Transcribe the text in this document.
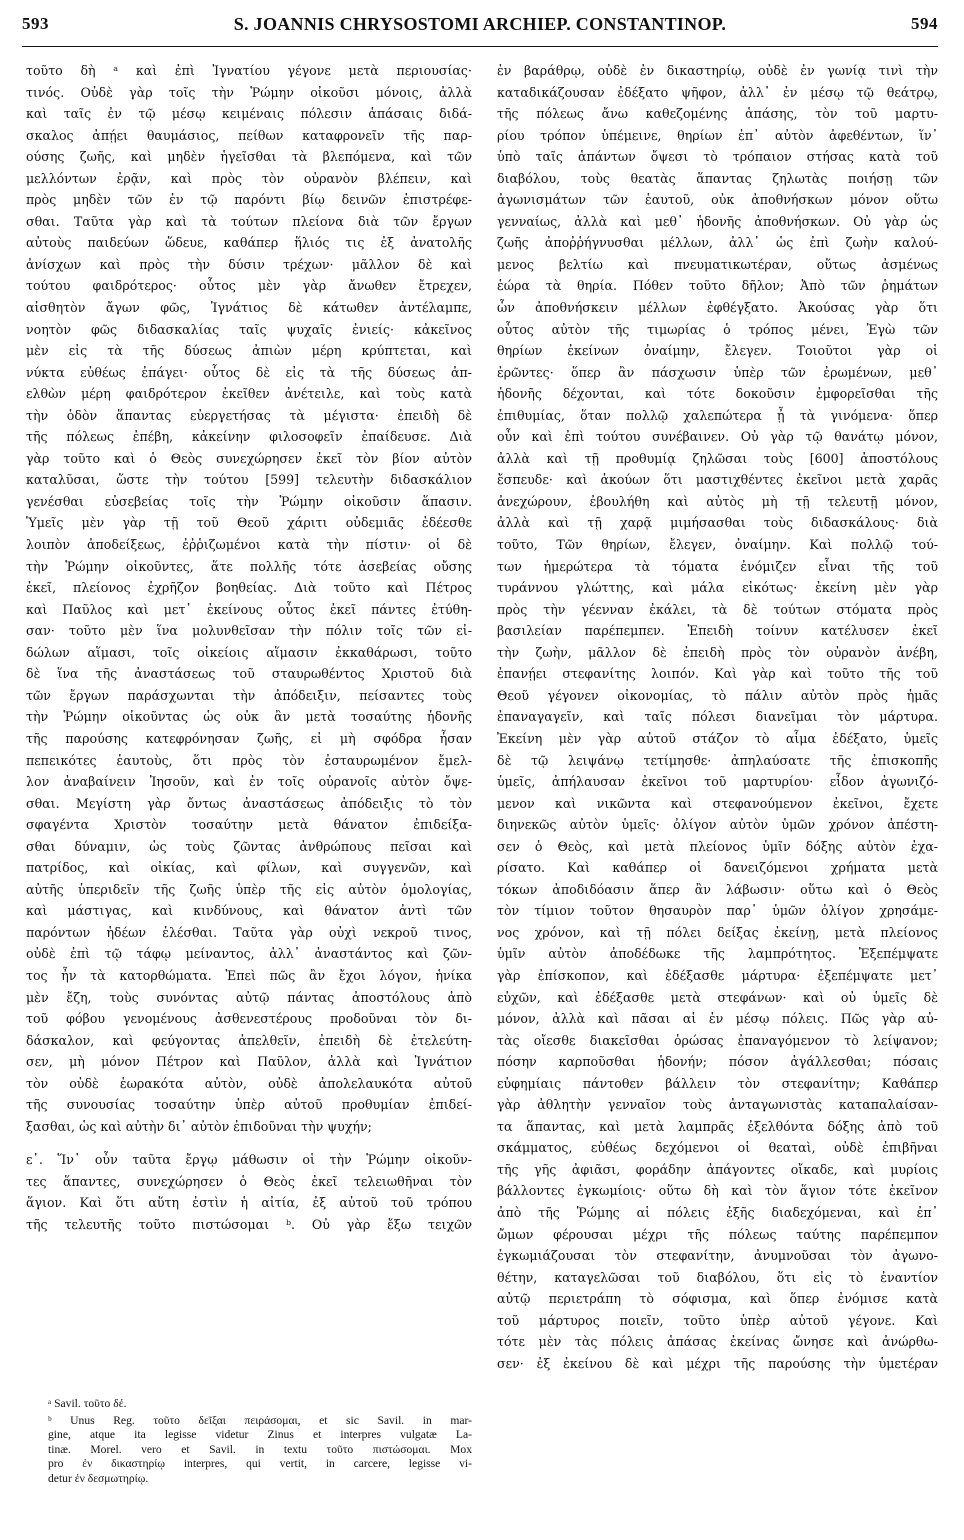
593	S. JOANNIS CHRYSOSTOMI ARCHIEP. CONSTANTINOP.	594
τοῦτο δὴ ᵃ καὶ ἐπὶ Ἰγνατίου γέγονε μετὰ περιουσίας·
τινός. Οὐδὲ γὰρ τοῖς τὴν Ῥώμην οἰκοῦσι μόνοις, ἀλλὰ
καὶ ταῖς ἐν τῷ μέσῳ κειμέναις πόλεσιν ἁπάσαις διδά-
σκαλος ἀπῄει θαυμάσιος, πείθων καταφρονεῖν τῆς παρ-
ούσης ζωῆς, καὶ μηδὲν ἡγεῖσθαι τὰ βλεπόμενα, καὶ τῶν
μελλόντων ἐρᾷν, καὶ πρὸς τὸν οὐρανὸν βλέπειν, καὶ
πρὸς μηδὲν τῶν ἐν τῷ παρόντι βίῳ δεινῶν ἐπιστρέφε-
σθαι. Ταῦτα γὰρ καὶ τὰ τούτων πλείονα διὰ τῶν ἔργων
αὐτοὺς παιδεύων ὥδευε, καθάπερ ἥλιός τις ἐξ ἀνατολῆς
ἀνίσχων καὶ πρὸς τὴν δύσιν τρέχων· μᾶλλον δὲ καὶ
τούτου φαιδρότερος· οὗτος μὲν γὰρ ἄνωθεν ἔτρεχεν,
αἰσθητὸν ἄγων φῶς, Ἰγνάτιος δὲ κάτωθεν ἀντέλαμπε,
νοητὸν φῶς διδασκαλίας ταῖς ψυχαῖς ἐνιείς· κἀκεῖνος
μὲν εἰς τὰ τῆς δύσεως ἀπιὼν μέρη κρύπτεται, καὶ
νύκτα εὐθέως ἐπάγει· οὗτος δὲ εἰς τὰ τῆς δύσεως ἀπ-
ελθὼν μέρη φαιδρότερον ἐκεῖθεν ἀνέτειλε, καὶ τοὺς κατὰ
τὴν ὁδὸν ἅπαντας εὐεργετήσας τὰ μέγιστα· ἐπειδὴ δὲ
τῆς πόλεως ἐπέβη, κἀκείνην φιλοσοφεῖν ἐπαίδευσε. Διὰ
γὰρ τοῦτο καὶ ὁ Θεὸς συνεχώρησεν ἐκεῖ τὸν βίον αὐτὸν
καταλῦσαι, ὥστε τὴν τούτου [599] τελευτὴν διδασκάλιον
γενέσθαι εὐσεβείας τοῖς τὴν Ῥώμην οἰκοῦσιν ἅπασιν.
Ὑμεῖς μὲν γὰρ τῇ τοῦ Θεοῦ χάριτι οὐδεμιᾶς ἐδέεσθε
λοιπὸν ἀποδείξεως, ἐῤῥιζωμένοι κατὰ τὴν πίστιν· οἱ δὲ
τὴν Ῥώμην οἰκοῦντες, ἅτε πολλῆς τότε ἀσεβείας οὔσης
ἐκεῖ, πλείονος ἐχρῆζον βοηθείας. Διὰ τοῦτο καὶ Πέτρος
καὶ Παῦλος καὶ μετ᾽ ἐκείνους οὗτος ἐκεῖ πάντες ἐτύθη-
σαν· τοῦτο μὲν ἵνα μολυνθεῖσαν τὴν πόλιν τοῖς τῶν εἰ-
δώλων αἵμασι, τοῖς οἰκείοις αἵμασιν ἐκκαθάρωσι, τοῦτο
δὲ ἵνα τῆς ἀναστάσεως τοῦ σταυρωθέντος Χριστοῦ διὰ
τῶν ἔργων παράσχωνται τὴν ἀπόδειξιν, πείσαντες τοὺς
τὴν Ῥώμην οἰκοῦντας ὡς οὐκ ἂν μετὰ τοσαύτης ἡδονῆς
τῆς παρούσης κατεφρόνησαν ζωῆς, εἰ μὴ σφόδρα ἦσαν
πεπεικότες ἑαυτοὺς, ὅτι πρὸς τὸν ἐσταυρωμένον ἔμελ-
λον ἀναβαίνειν Ἰησοῦν, καὶ ἐν τοῖς οὐρανοῖς αὐτὸν ὄψε-
σθαι. Μεγίστη γὰρ ὄντως ἀναστάσεως ἀπόδειξις τὸ τὸν
σφαγέντα Χριστὸν τοσαύτην μετὰ θάνατον ἐπιδείξα-
σθαι δύναμιν, ὡς τοὺς ζῶντας ἀνθρώπους πεῖσαι καὶ
πατρίδος, καὶ οἰκίας, καὶ φίλων, καὶ συγγενῶν, καὶ
αὐτῆς ὑπεριδεῖν τῆς ζωῆς ὑπὲρ τῆς εἰς αὐτὸν ὁμολογίας,
καὶ μάστιγας, καὶ κινδύνους, καὶ θάνατον ἀντὶ τῶν
παρόντων ἡδέων ἑλέσθαι. Ταῦτα γὰρ οὐχὶ νεκροῦ τινος,
οὐδὲ ἐπὶ τῷ τάφῳ μείναντος, ἀλλ᾽ ἀναστάντος καὶ ζῶν-
τος ἦν τὰ κατορθώματα. Ἐπεὶ πῶς ἂν ἔχοι λόγον, ἡνίκα
μὲν ἔζη, τοὺς συνόντας αὐτῷ πάντας ἀποστόλους ἀπὸ
τοῦ φόβου γενομένους ἀσθενεστέρους προδοῦναι τὸν δι-
δάσκαλον, καὶ φεύγοντας ἀπελθεῖν, ἐπειδὴ δὲ ἐτελεύτη-
σεν, μὴ μόνον Πέτρον καὶ Παῦλον, ἀλλὰ καὶ Ἰγνάτιον
τὸν οὐδὲ ἑωρακότα αὐτὸν, οὐδὲ ἀπολελαυκότα αὐτοῦ
τῆς συνουσίας τοσαύτην ὑπὲρ αὐτοῦ προθυμίαν ἐπιδεί-
ξασθαι, ὡς καὶ αὐτὴν δι᾽ αὐτὸν ἐπιδοῦναι τὴν ψυχήν;
ε᾽. Ἵν᾽ οὖν ταῦτα ἔργῳ μάθωσιν οἱ τὴν Ῥώμην οἰκοῦν-
τες ἅπαντες, συνεχώρησεν ὁ Θεὸς ἐκεῖ τελειωθῆναι τὸν
ἅγιον. Καὶ ὅτι αὕτη ἐστὶν ἡ αἰτία, ἐξ αὐτοῦ τοῦ τρόπου
τῆς τελευτῆς τοῦτο πιστώσομαι ᵇ. Οὐ γὰρ ἔξω τειχῶν
ᵃ Savil. τοῦτο δέ.
ᵇ Unus Reg. τοῦτο δεῖξαι πειράσομαι, et sic Savil. in mar-
gine, atque ita legisse videtur Zinus et interpres vulgatæ La-
tinæ. Morel. vero et Savil. in textu τοῦτο πιστώσομαι. Mox
pro ἐν δικαστηρίῳ interpres, qui vertit, in carcere, legisse vi-
detur ἐν δεσμωτηρίῳ.
ἐν βαράθρῳ, οὐδὲ ἐν δικαστηρίῳ, οὐδὲ ἐν γωνίᾳ τινὶ τὴν
καταδικάζουσαν ἐδέξατο ψῆφον, ἀλλ᾽ ἐν μέσῳ τῷ θεάτρῳ,
τῆς πόλεως ἄνω καθεζομένης ἁπάσης, τὸν τοῦ μαρτυ-
ρίου τρόπον ὑπέμεινε, θηρίων ἐπ᾽ αὐτὸν ἀφεθέντων, ἵν᾽
ὑπὸ ταῖς ἁπάντων ὄψεσι τὸ τρόπαιον στήσας κατὰ τοῦ
διαβόλου, τοὺς θεατὰς ἅπαντας ζηλωτὰς ποιήσῃ τῶν
ἀγωνισμάτων τῶν ἑαυτοῦ, οὐκ ἀποθνήσκων μόνον οὕτω
γενναίως, ἀλλὰ καὶ μεθ᾽ ἡδονῆς ἀποθνήσκων. Οὐ γὰρ ὡς
ζωῆς ἀποῤῥήγνυσθαι μέλλων, ἀλλ᾽ ὡς ἐπὶ ζωὴν καλού-
μενος βελτίω καὶ πνευματικωτέραν, οὕτως ἀσμένως
ἑώρα τὰ θηρία. Πόθεν τοῦτο δῆλον; Ἀπὸ τῶν ῥημάτων
ὧν ἀποθνήσκειν μέλλων ἐφθέγξατο. Ἀκούσας γὰρ ὅτι
οὗτος αὐτὸν τῆς τιμωρίας ὁ τρόπος μένει, Ἐγὼ τῶν
θηρίων ἐκείνων ὀναίμην, ἔλεγεν. Τοιοῦτοι γὰρ οἱ
ἐρῶντες· ὅπερ ἂν πάσχωσιν ὑπὲρ τῶν ἐρωμένων, μεθ᾽
ἡδονῆς δέχονται, καὶ τότε δοκοῦσιν ἐμφορεῖσθαι τῆς
ἐπιθυμίας, ὅταν πολλῷ χαλεπώτερα ᾖ τὰ γινόμενα· ὅπερ
οὖν καὶ ἐπὶ τούτου συνέβαινεν. Οὐ γὰρ τῷ θανάτῳ μόνον,
ἀλλὰ καὶ τῇ προθυμίᾳ ζηλῶσαι τοὺς [600] ἀποστόλους
ἔσπευδε· καὶ ἀκούων ὅτι μαστιχθέντες ἐκεῖνοι μετὰ χαρᾶς
ἀνεχώρουν, ἐβουλήθη καὶ αὐτὸς μὴ τῇ τελευτῇ μόνον,
ἀλλὰ καὶ τῇ χαρᾷ μιμήσασθαι τοὺς διδασκάλους· διὰ
τοῦτο, Τῶν θηρίων, ἔλεγεν, ὀναίμην. Καὶ πολλῷ τού-
των ἡμερώτερα τὰ τόματα ἐνόμιζεν εἶναι τῆς τοῦ
τυράννου γλώττης, καὶ μάλα εἰκότως· ἐκείνη μὲν γὰρ
πρὸς τὴν γέενναν ἐκάλει, τὰ δὲ τούτων στόματα πρὸς
βασιλείαν παρέπεμπεν. Ἐπειδὴ τοίνυν κατέλυσεν ἐκεῖ
τὴν ζωὴν, μᾶλλον δὲ ἐπειδὴ πρὸς τὸν οὐρανὸν ἀνέβη,
ἐπανῄει στεφανίτης λοιπόν. Καὶ γὰρ καὶ τοῦτο τῆς τοῦ
Θεοῦ γέγονεν οἰκονομίας, τὸ πάλιν αὐτὸν πρὸς ἡμᾶς
ἐπαναγαγεῖν, καὶ ταῖς πόλεσι διανεῖμαι τὸν μάρτυρα.
Ἐκείνη μὲν γὰρ αὐτοῦ στάζον τὸ αἷμα ἐδέξατο, ὑμεῖς
δὲ τῷ λειψάνῳ τετίμησθε· ἀπηλαύσατε τῆς ἐπισκοπῆς
ὑμεῖς, ἀπήλαυσαν ἐκεῖνοι τοῦ μαρτυρίου· εἶδον ἀγωνιζό-
μενον καὶ νικῶντα καὶ στεφανούμενον ἐκεῖνοι, ἔχετε
διηνεκῶς αὐτὸν ὑμεῖς· ὀλίγον αὐτὸν ὑμῶν χρόνον ἀπέστη-
σεν ὁ Θεὸς, καὶ μετὰ πλείονος ὑμῖν δόξης αὐτὸν ἐχα-
ρίσατο. Καὶ καθάπερ οἱ δανειζόμενοι χρήματα μετὰ
τόκων ἀποδιδόασιν ἅπερ ἂν λάβωσιν· οὕτω καὶ ὁ Θεὸς
τὸν τίμιον τοῦτον θησαυρὸν παρ᾽ ὑμῶν ὀλίγον χρησάμε-
νος χρόνον, καὶ τῇ πόλει δείξας ἐκείνῃ, μετὰ πλείονος
ὑμῖν αὐτὸν ἀποδέδωκε τῆς λαμπρότητος. Ἐξεπέμψατε
γὰρ ἐπίσκοπον, καὶ ἐδέξασθε μάρτυρα· ἐξεπέμψατε μετ᾽
εὐχῶν, καὶ ἐδέξασθε μετὰ στεφάνων· καὶ οὐ ὑμεῖς δὲ
μόνον, ἀλλὰ καὶ πᾶσαι αἱ ἐν μέσῳ πόλεις. Πῶς γὰρ αὐ-
τὰς οἴεσθε διακεῖσθαι ὁρώσας ἐπαναγόμενον τὸ λείψανον;
πόσην καρποῦσθαι ἡδονήν; πόσον ἀγάλλεσθαι; πόσαις
εὐφημίαις πάντοθεν βάλλειν τὸν στεφανίτην; Καθάπερ
γὰρ ἀθλητὴν γενναῖον τοὺς ἀνταγωνιστὰς καταπαλαίσαν-
τα ἅπαντας, καὶ μετὰ λαμπρᾶς ἐξελθόντα δόξης ἀπὸ τοῦ
σκάμματος, εὐθέως δεχόμενοι οἱ θεαταὶ, οὐδὲ ἐπιβῆναι
τῆς γῆς ἀφιᾶσι, φοράδην ἀπάγοντες οἴκαδε, καὶ μυρίοις
βάλλοντες ἐγκωμίοις· οὕτω δὴ καὶ τὸν ἅγιον τότε ἐκεῖνον
ἀπὸ τῆς Ῥώμης αἱ πόλεις ἐξῆς διαδεχόμεναι, καὶ ἐπ᾽
ὤμων φέρουσαι μέχρι τῆς πόλεως ταύτης παρέπεμπον
ἐγκωμιάζουσαι τὸν στεφανίτην, ἀνυμνοῦσαι τὸν ἀγωνο-
θέτην, καταγελῶσαι τοῦ διαβόλου, ὅτι εἰς τὸ ἐναντίον
αὐτῷ περιετράπη τὸ σόφισμα, καὶ ὅπερ ἐνόμισε κατὰ
τοῦ μάρτυρος ποιεῖν, τοῦτο ὑπὲρ αὐτοῦ γέγονε. Καὶ
τότε μὲν τὰς πόλεις ἁπάσας ἐκείνας ὤνησε καὶ ἀνώρθω-
σεν· ἐξ ἐκείνου δὲ καὶ μέχρι τῆς παρούσης τὴν ὑμετέραν
